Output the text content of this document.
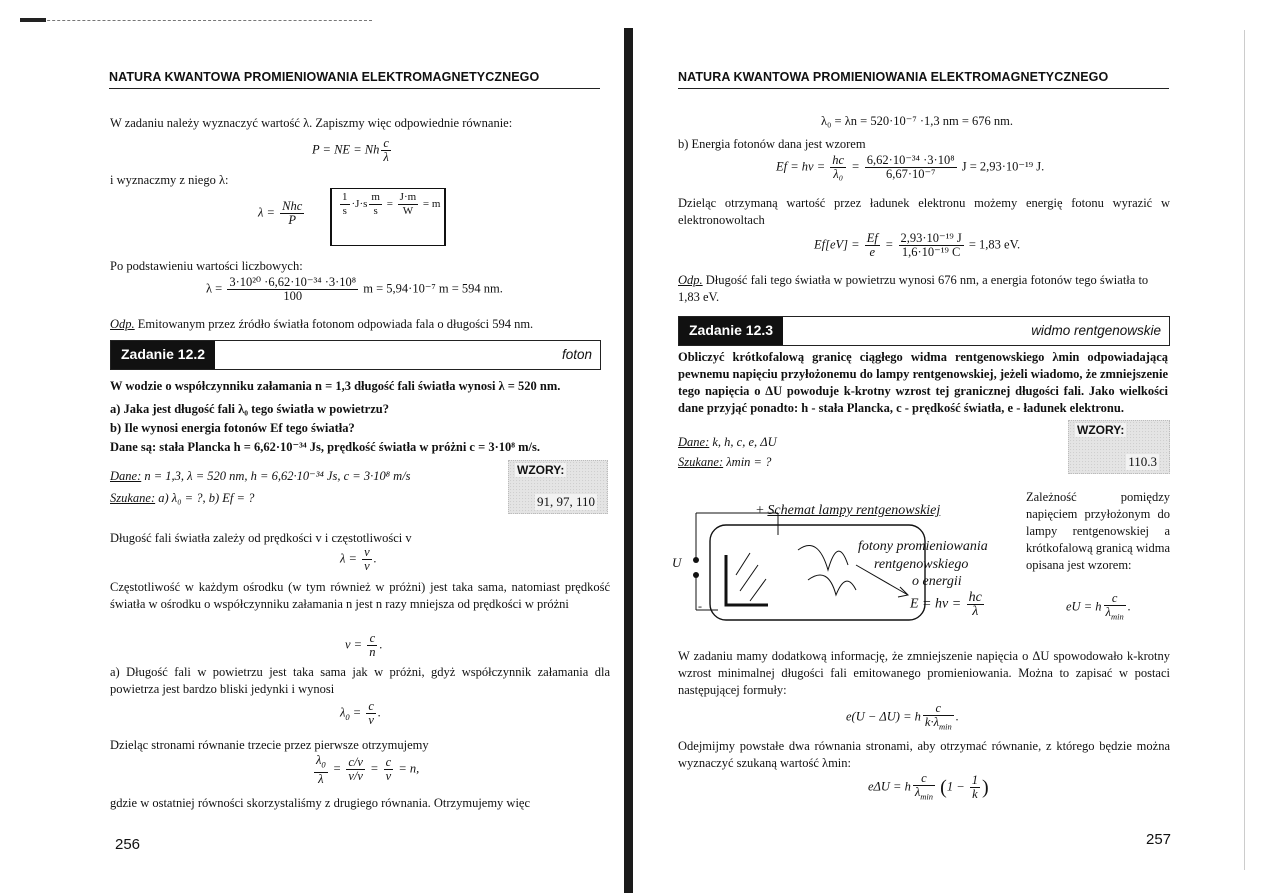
NATURA KWANTOWA PROMIENIOWANIA ELEKTROMAGNETYCZNEGO
W zadaniu należy wyznaczyć wartość λ. Zapiszmy więc odpowiednie równanie:
P = NE = Nh $\frac{c}{\lambda}$
i wyznaczmy z niego λ:
λ = Nhc
P
$\frac{1}{s} \cdot J\cdot s \frac{m}{s} = \frac{J\cdot m}{W} = m$
Po podstawieniu wartości liczbowych:
$\lambda = \frac{\text{3·10²⁰ ·6,62·10⁻³⁴ ·3·10⁸}}{100}$ m = 5,94·10⁻⁷ m = 594 nm.
Odp. Emitowanym przez źródło światła fotonom odpowiada fala o długości 594 nm.
Zadanie 12.2	foton
W wodzie o współczynniku załamania n = 1,3 długość fali światła wynosi λ = 520 nm.
a) Jaka jest długość fali λ₀ tego światła w powietrzu?
b) Ile wynosi energia fotonów Ef tego światła?
Dane są: stała Plancka h = 6,62·10⁻³⁴ Js, prędkość światła w próżni c = 3·10⁸ m/s.
Dane: n = 1,3, λ = 520 nm, h = 6,62·10⁻³⁴ Js, c = 3·10⁸ m/s
Szukane: a) λ₀ = ?, b) Ef = ?
WZORY:
91, 97, 110
Długość fali światła zależy od prędkości v i częstotliwości v
$\lambda = \frac{v}{v}$ .
Częstotliwość w każdym ośrodku (w tym również w próżni) jest taka sama, natomiast prędkość światła w ośrodku o współczynniku załamania n jest n razy mniejsza od prędkości w próżni
$v = \frac{c}{n}$ .
a) Długość fali w powietrzu jest taka sama jak w próżni, gdyż współczynnik załamania dla powietrza jest bardzo bliski jedynki i wynosi
$\lambda_0 = \frac{c}{v}$ .
Dzieląc stronami równanie trzecie przez pierwsze otrzymujemy
$\frac{\lambda_0}{\lambda} = \frac{c/v}{v/v} = \frac{c}{v} = n$,
gdzie w ostatniej równości skorzystaliśmy z drugiego równania. Otrzymujemy więc
256
NATURA KWANTOWA PROMIENIOWANIA ELEKTROMAGNETYCZNEGO
λ₀ = λn = 520·10⁻⁷ ·1,3 nm = 676 nm.
b) Energia fotonów dana jest wzorem
Ef = hv = $\frac{hc}{\text{λ₀}} = \frac{\text{6,62·10⁻³⁴ ·3·10⁸}}{\text{6,67·10⁻⁷}}$ J = 2,93·10⁻¹⁹ J.
Dzieląc otrzymaną wartość przez ładunek elektronu możemy energię fotonu wyrazić w elektronowoltach
$Ef[eV] = \frac{Ef}{e} = \frac{\text{2,93·10⁻¹⁹ J}}{\text{1,6·10⁻¹⁹ C}} = 1,83$ eV.
Odp. Długość fali tego światła w powietrzu wynosi 676 nm, a energia fotonów tego światła to 1,83 eV.
Zadanie 12.3	widmo rentgenowskie
Obliczyć krótkofalową granicę ciągłego widma rentgenowskiego λmin odpowiadającą pewnemu napięciu przyłożonemu do lampy rentgenowskiej, jeżeli wiadomo, że zmniejszenie tego napięcia o ΔU powoduje k-krotny wzrost tej granicznej długości fali. Jako wielkości dane przyjąć ponadto: h - stała Plancka, c - prędkość światła, e - ładunek elektronu.
Dane: k, h, c, e, ΔU
Szukane: λmin = ?
WZORY:
110.3
+ Schemat lampy rentgenowskiej
U
-
fotony promieniowania
rentgenowskiego
o energii
E = hv = $\frac{hc}{\lambda}$
Zależność pomiędzy napięciem przyłożonym do lampy rentgenowskiej a krótkofalową granicą widma opisana jest wzorem:
eU = h
c
$\lambda_{min}$
.
W zadaniu mamy dodatkową informację, że zmniejszenie napięcia o ΔU spowodowało k-krotny wzrost minimalnej długości fali emitowanego promieniowania. Można to zapisać w postaci następującej formuły:
e(U − ΔU) = h
c
$k\cdot\lambda_{min}$
.
Odejmijmy powstałe dwa równania stronami, aby otrzymać równanie, z którego będzie można wyznaczyć szukaną wartość λmin:
eΔU = h
c
$\lambda_{min}$ ($1 - \frac{1}{k}$ )
257
